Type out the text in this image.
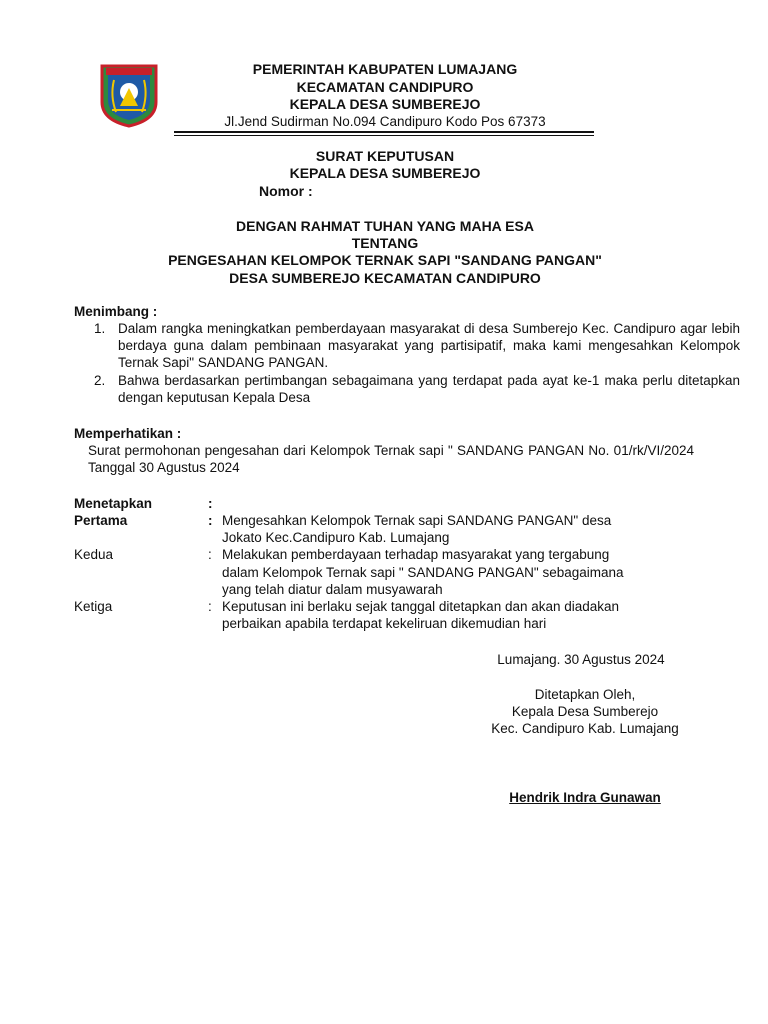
PEMERINTAH KABUPATEN LUMAJANG
KECAMATAN CANDIPURO
KEPALA DESA SUMBEREJO
Jl.Jend Sudirman No.094 Candipuro Kodo Pos 67373
SURAT KEPUTUSAN
KEPALA DESA SUMBEREJO
Nomor :
DENGAN RAHMAT TUHAN YANG MAHA ESA
TENTANG
PENGESAHAN KELOMPOK TERNAK SAPI "SANDANG PANGAN"
DESA SUMBEREJO KECAMATAN CANDIPURO
Menimbang :
1. Dalam rangka meningkatkan pemberdayaan masyarakat di desa Sumberejo Kec. Candipuro agar lebih berdaya guna dalam pembinaan masyarakat yang partisipatif, maka kami mengesahkan Kelompok Ternak Sapi" SANDANG PANGAN.
2. Bahwa berdasarkan pertimbangan sebagaimana yang terdapat pada ayat ke-1 maka perlu ditetapkan dengan keputusan Kepala Desa
Memperhatikan :
Surat permohonan pengesahan dari Kelompok Ternak sapi " SANDANG PANGAN No. 01/rk/VI/2024 Tanggal 30 Agustus 2024
Menetapkan	:
Pertama	: Mengesahkan Kelompok Ternak sapi SANDANG PANGAN" desa
Jokato Kec.Candipuro Kab. Lumajang
Kedua	: Melakukan pemberdayaan terhadap masyarakat yang tergabung
dalam Kelompok Ternak sapi " SANDANG PANGAN" sebagaimana
yang telah diatur dalam musyawarah
Ketiga	: Keputusan ini berlaku sejak tanggal ditetapkan dan akan diadakan
perbaikan apabila terdapat kekeliruan dikemudian hari
Lumajang. 30 Agustus 2024
Ditetapkan Oleh,
Kepala Desa Sumberejo
Kec. Candipuro Kab. Lumajang
Hendrik Indra Gunawan
